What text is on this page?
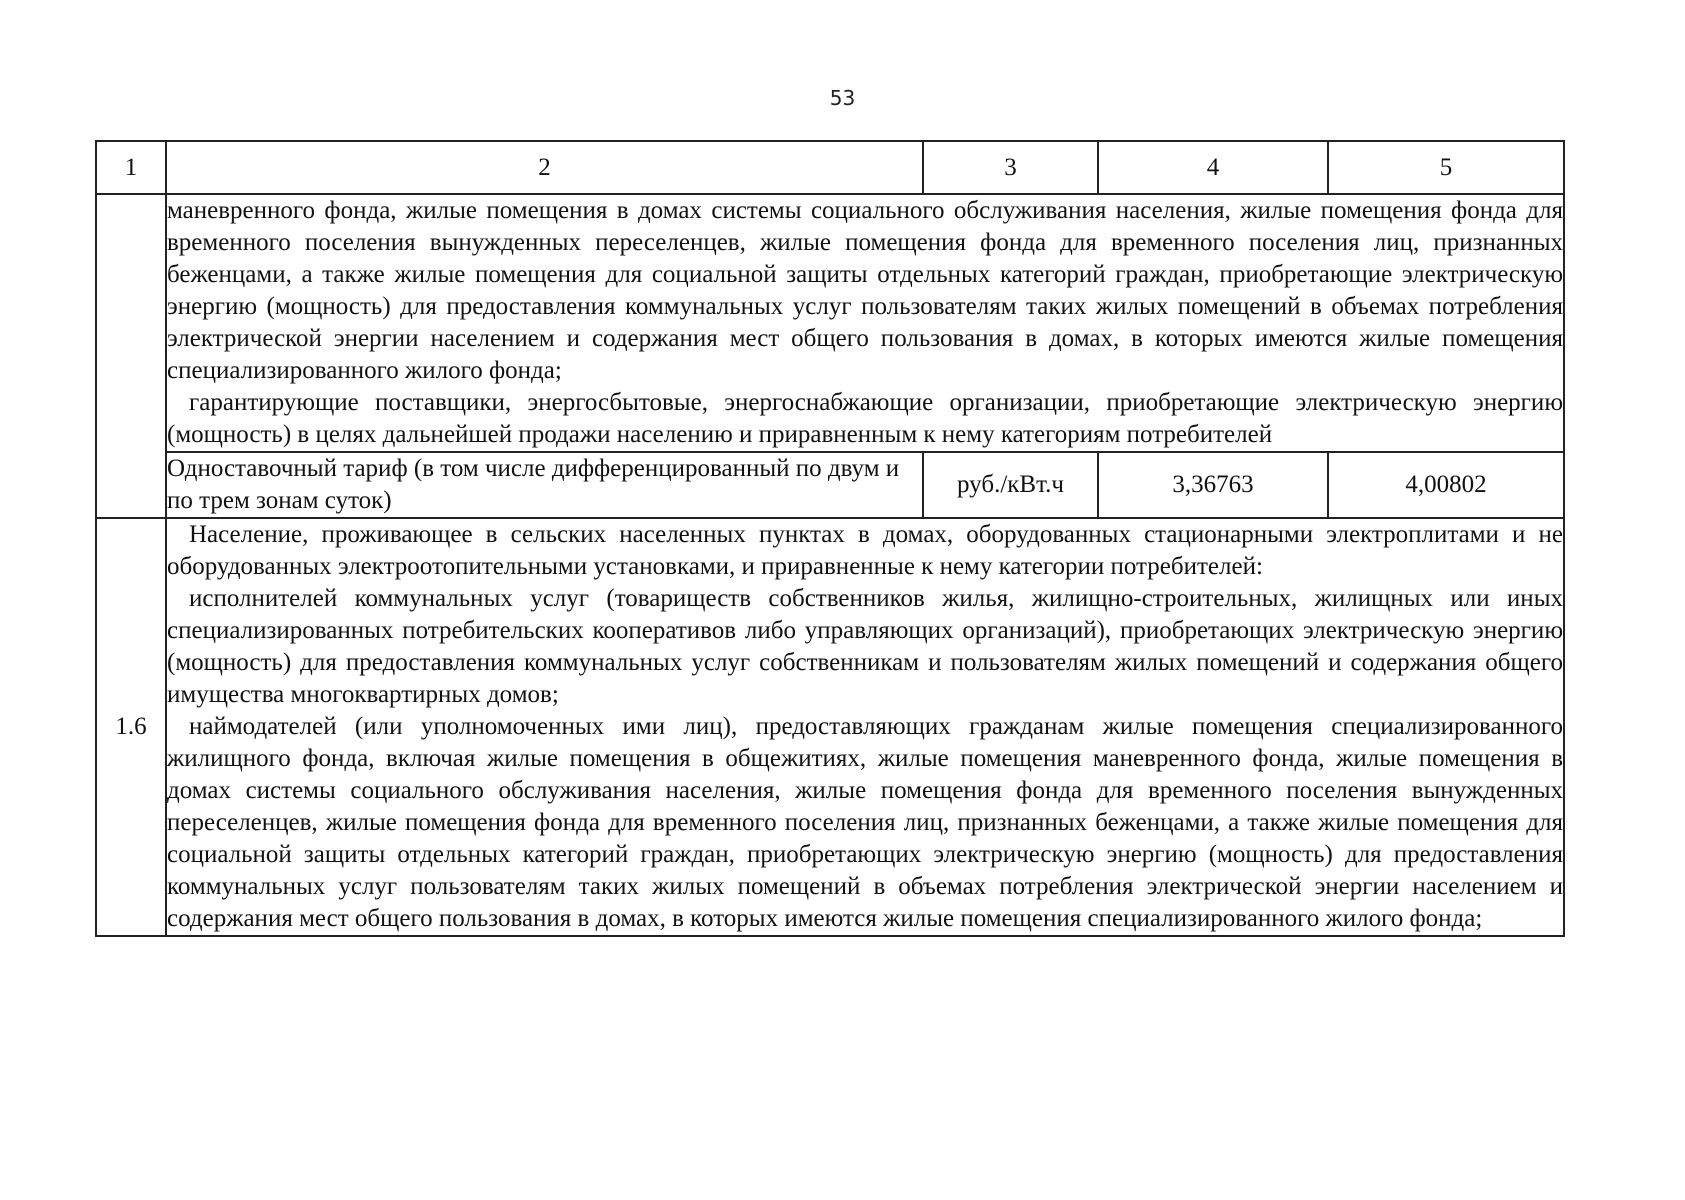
53
1	2	3	4	5

	маневренного фонда, жилые помещения в домах системы социального обслуживания населения, жилые помещения фонда для временного поселения вынужденных переселенцев, жилые помещения фонда для временного поселения лиц, признанных беженцами, а также жилые помещения для социальной защиты отдельных категорий граждан, приобретающие электрическую энергию (мощность) для предоставления коммунальных услуг пользователям таких жилых помещений в объемах потребления электрической энергии населением и содержания мест общего пользования в домах, в которых имеются жилые помещения специализированного жилого фонда;

гарантирующие поставщики, энергосбытовые, энергоснабжающие организации, приобретающие электрическую энергию (мощность) в целях дальнейшей продажи населению и приравненным к нему категориям потребителей			

	Одноставочный тариф (в том числе дифференцированный по двум и по трем зонам суток)	руб./кВт.ч	3,36763	4,00802
1.6	Население, проживающее в сельских населенных пунктах в домах, оборудованных стационарными электроплитами и не оборудованных электроотопительными установками, и приравненные к нему категории потребителей:

исполнителей коммунальных услуг (товариществ собственников жилья, жилищно-строительных, жилищных или иных специализированных потребительских кооперативов либо управляющих организаций), приобретающих электрическую энергию (мощность) для предоставления коммунальных услуг собственникам и пользователям жилых помещений и содержания общего имущества многоквартирных домов;

наймодателей (или уполномоченных ими лиц), предоставляющих гражданам жилые помещения специализированного жилищного фонда, включая жилые помещения в общежитиях, жилые помещения маневренного фонда, жилые помещения в домах системы социального обслуживания населения, жилые помещения фонда для временного поселения вынужденных переселенцев, жилые помещения фонда для временного поселения лиц, признанных беженцами, а также жилые помещения для социальной защиты отдельных категорий граждан, приобретающих электрическую энергию (мощность) для предоставления коммунальных услуг пользователям таких жилых помещений в объемах потребления электрической энергии населением и содержания мест общего пользования в домах, в которых имеются жилые помещения специализированного жилого фонда;			
